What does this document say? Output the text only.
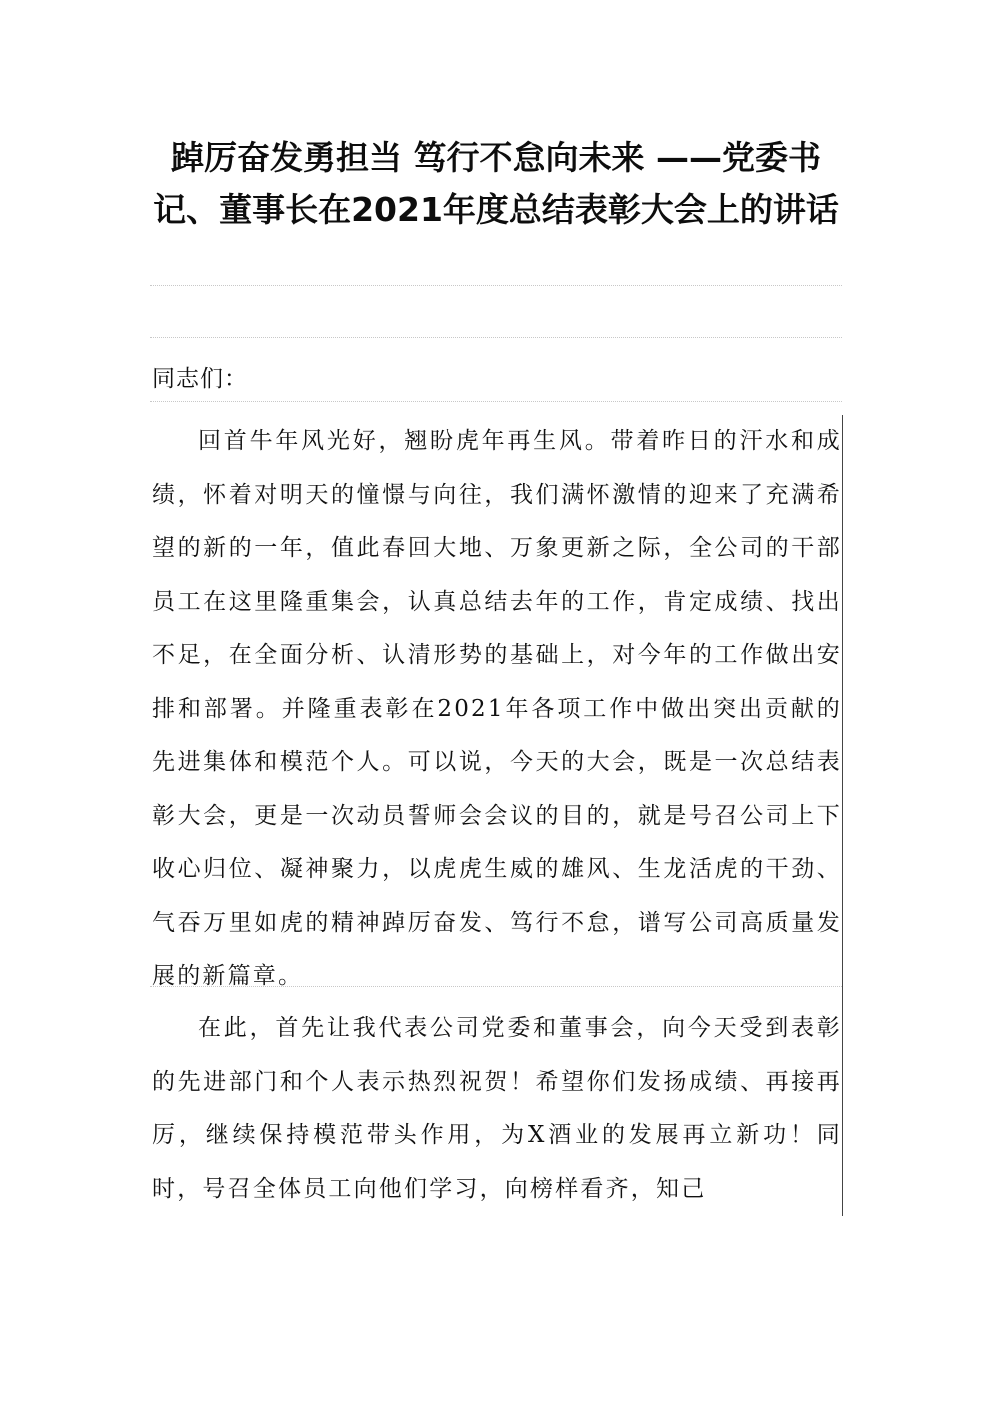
踔厉奋发勇担当 笃行不怠向未来 ——党委书记、董事长在2021年度总结表彰大会上的讲话

同志们：

回首牛年风光好，翘盼虎年再生风。带着昨日的汗水和成绩，怀着对明天的憧憬与向往，我们满怀激情的迎来了充满希望的新的一年，值此春回大地、万象更新之际，全公司的干部员工在这里隆重集会，认真总结去年的工作，肯定成绩、找出不足，在全面分析、认清形势的基础上，对今年的工作做出安排和部署。并隆重表彰在2021年各项工作中做出突出贡献的先进集体和模范个人。可以说，今天的大会，既是一次总结表彰大会，更是一次动员誓师会会议的目的，就是号召公司上下收心归位、凝神聚力，以虎虎生威的雄风、生龙活虎的干劲、气吞万里如虎的精神踔厉奋发、笃行不怠，谱写公司高质量发展的新篇章。

在此，首先让我代表公司党委和董事会，向今天受到表彰的先进部门和个人表示热烈祝贺！希望你们发扬成绩、再接再厉，继续保持模范带头作用，为X酒业的发展再立新功！同时，号召全体员工向他们学习，向榜样看齐，知己
